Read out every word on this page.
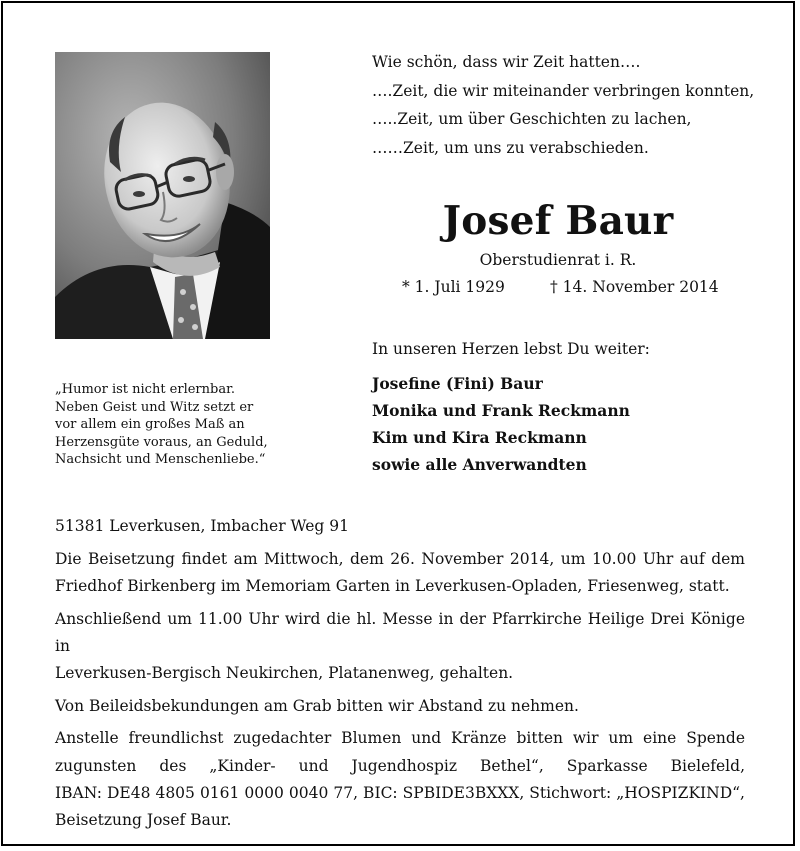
„Humor ist nicht erlernbar.
Neben Geist und Witz setzt er
vor allem ein großes Maß an
Herzensgüte voraus, an Geduld,
Nachsicht und Menschenliebe.“
Wie schön, dass wir Zeit hatten….
….Zeit, die wir miteinander verbringen konnten,
…..Zeit, um über Geschichten zu lachen,
……Zeit, um uns zu verabschieden.
Josef Baur
Oberstudienrat i. R.
* 1. Juli 1929	† 14. November 2014
In unseren Herzen lebst Du weiter:
Josefine (Fini) Baur
Monika und Frank Reckmann
Kim und Kira Reckmann
sowie alle Anverwandten

51381 Leverkusen, Imbacher Weg 91

Die Beisetzung findet am Mittwoch, dem 26. November 2014, um 10.00 Uhr auf dem
Friedhof Birkenberg im Memoriam Garten in Leverkusen-Opladen, Friesenweg, statt.

Anschließend um 11.00 Uhr wird die hl. Messe in der Pfarrkirche Heilige Drei Könige in
Leverkusen-Bergisch Neukirchen, Platanenweg, gehalten.

Von Beileidsbekundungen am Grab bitten wir Abstand zu nehmen.

Anstelle freundlichst zugedachter Blumen und Kränze bitten wir um eine Spende
zugunsten des „Kinder- und Jugendhospiz Bethel“, Sparkasse Bielefeld,
IBAN: DE48 4805 0161 0000 0040 77, BIC: SPBIDE3BXXX, Stichwort: „HOSPIZKIND“,
Beisetzung Josef Baur.
